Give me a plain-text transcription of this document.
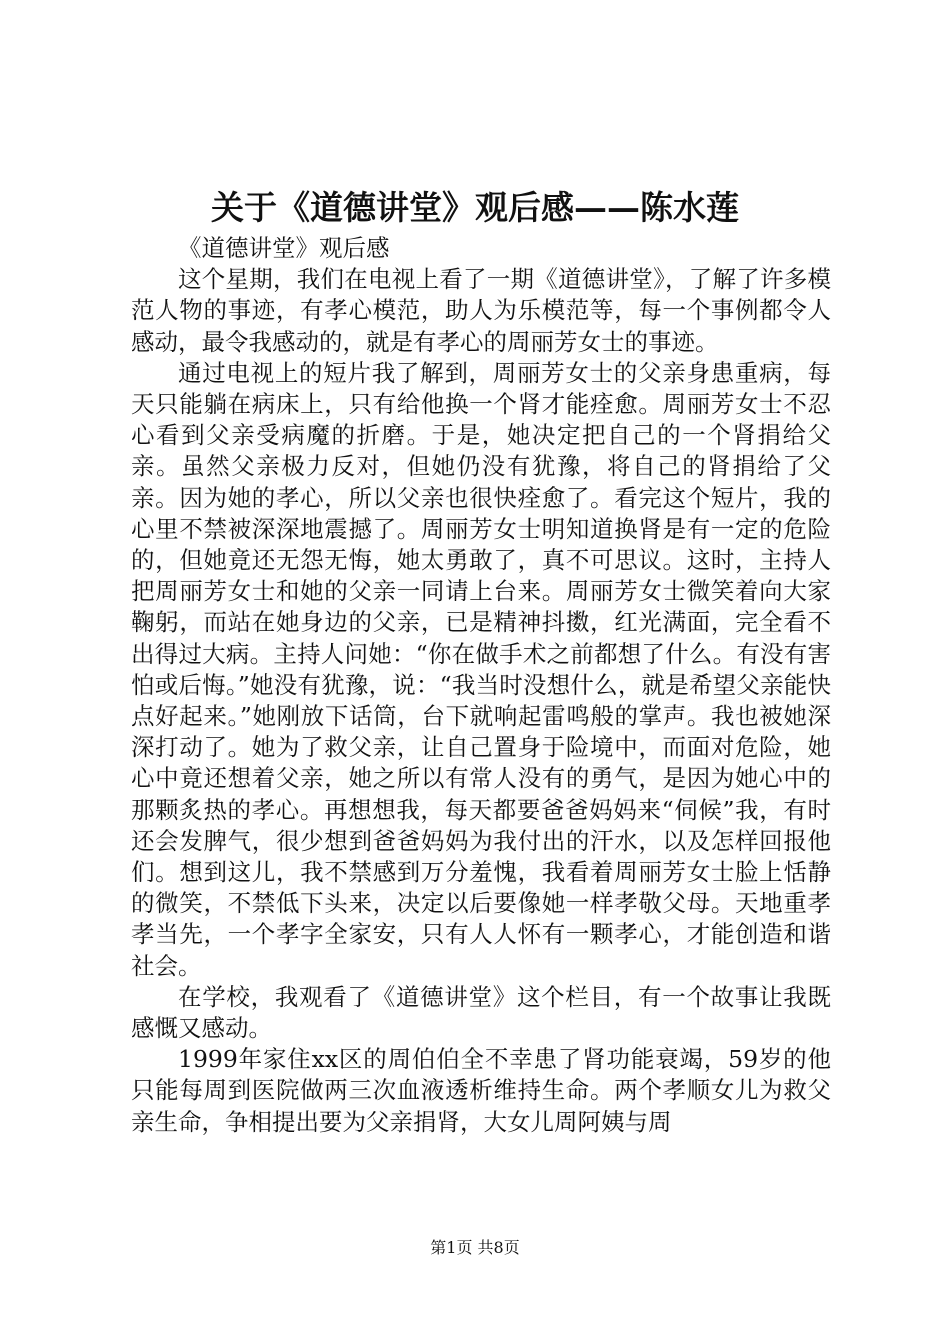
关于《道德讲堂》观后感——陈水莲

《道德讲堂》观后感

这个星期，我们在电视上看了一期《道德讲堂》，了解了许多模范人物的事迹，有孝心模范，助人为乐模范等，每一个事例都令人感动，最令我感动的，就是有孝心的周丽芳女士的事迹。

通过电视上的短片我了解到，周丽芳女士的父亲身患重病，每天只能躺在病床上，只有给他换一个肾才能痊愈。周丽芳女士不忍心看到父亲受病魔的折磨。于是，她决定把自己的一个肾捐给父亲。虽然父亲极力反对，但她仍没有犹豫，将自己的肾捐给了父亲。因为她的孝心，所以父亲也很快痊愈了。看完这个短片，我的心里不禁被深深地震撼了。周丽芳女士明知道换肾是有一定的危险的，但她竟还无怨无悔，她太勇敢了，真不可思议。这时，主持人把周丽芳女士和她的父亲一同请上台来。周丽芳女士微笑着向大家鞠躬，而站在她身边的父亲，已是精神抖擞，红光满面，完全看不出得过大病。主持人问她：“你在做手术之前都想了什么。有没有害怕或后悔。”她没有犹豫，说：“我当时没想什么，就是希望父亲能快点好起来。”她刚放下话筒，台下就响起雷鸣般的掌声。我也被她深深打动了。她为了救父亲，让自己置身于险境中，而面对危险，她心中竟还想着父亲，她之所以有常人没有的勇气，是因为她心中的那颗炙热的孝心。再想想我，每天都要爸爸妈妈来“伺候”我，有时还会发脾气，很少想到爸爸妈妈为我付出的汗水，以及怎样回报他们。想到这儿，我不禁感到万分羞愧，我看着周丽芳女士脸上恬静的微笑，不禁低下头来，决定以后要像她一样孝敬父母。天地重孝孝当先，一个孝字全家安，只有人人怀有一颗孝心，才能创造和谐社会。

在学校，我观看了《道德讲堂》这个栏目，有一个故事让我既感慨又感动。

1999年家住xx区的周伯伯全不幸患了肾功能衰竭，59岁的他只能每周到医院做两三次血液透析维持生命。两个孝顺女儿为救父亲生命，争相提出要为父亲捐肾，大女儿周阿姨与周

第1页 共8页
